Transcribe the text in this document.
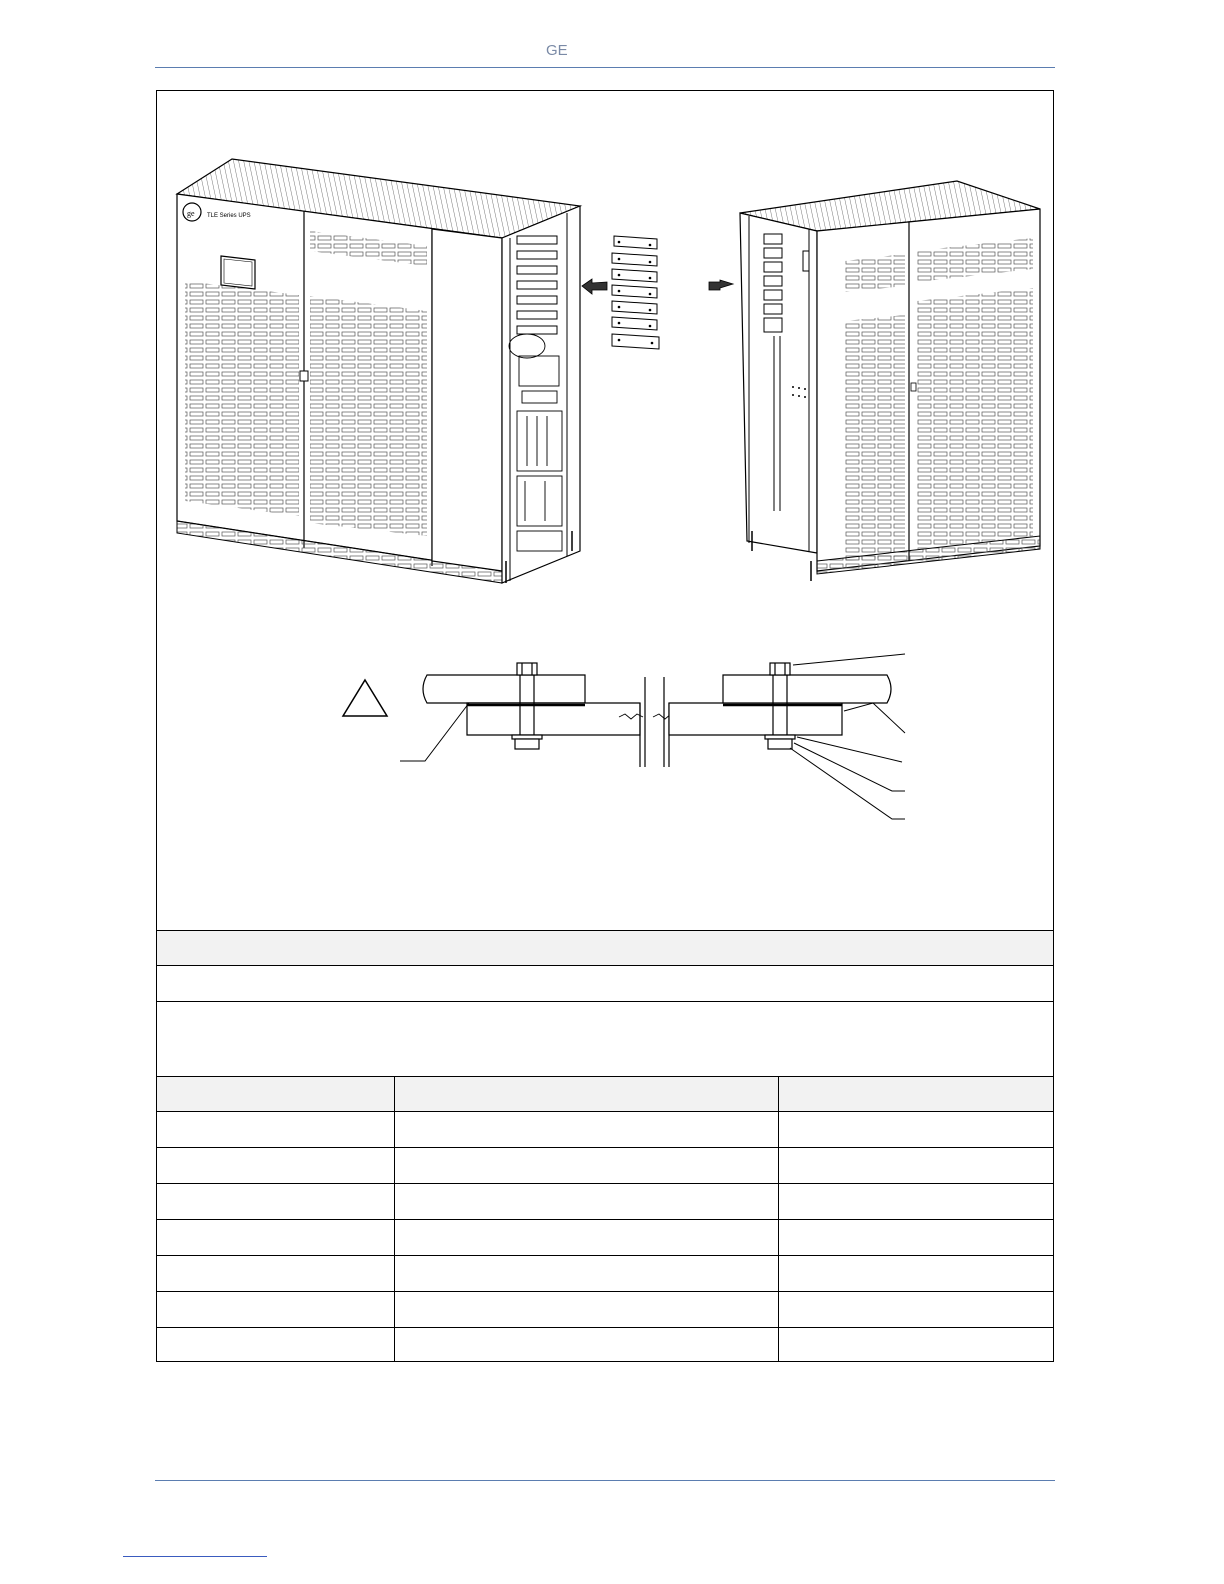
GE
ge TLE Series UPS
